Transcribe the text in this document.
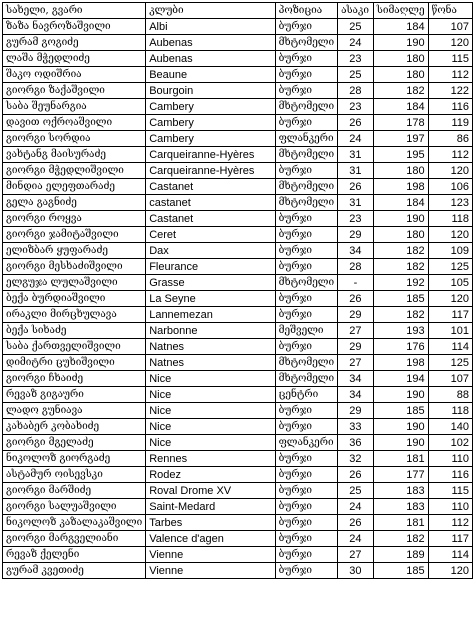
სახელი, გვარი	კლუბი	პოზიცია	ასაკი	სიმაღლე	წონა
ზაზა ნავროზაშვილი	Albi	ბურჯი	25	184	107
გურამ გოგიძე	Aubenas	მხტომელი	24	190	120
ლაშა მჭედლიძე	Aubenas	ბურჯი	23	180	115
შაკო ოდიშრია	Beaune	ბურჯი	25	180	112
გიორგი ზაქაშვილი	Bourgoin	ბურჯი	28	182	122
საბა შეუნარგია	Cambery	მხტომელი	23	184	116
დავით ოქროაშვილი	Cambery	ბურჯი	26	178	119
გიორგი სორდია	Cambery	ფლანკერი	24	197	86
ვახტანგ მაისურაძე	Carqueiranne-Hyères	მხტომელი	31	195	112
გიორგი მჭედლიშვილი	Carqueiranne-Hyères	ბურჯი	31	180	120
მინდია ელეფთარაძე	Castanet	მხტომელი	26	198	106
გელა გაგნიძე	castanet	მხტომელი	31	184	123
გიორგი როყვა	Castanet	ბურჯი	23	190	118
გიორგი ჯამიტაშვილი	Ceret	ბურჯი	29	180	120
ელიზბარ ყუფარაძე	Dax	ბურჯი	34	182	109
გიორგი მესხაძიშვილი	Fleurance	ბურჯი	28	182	125
ელგუჯა ლულაშვილი	Grasse	მხტომელი	-	192	105
ბექა ბურდიაშვილი	La Seyne	ბურჯი	26	185	120
ირაკლი მირცხულავა	Lannemezan	ბურჯი	29	182	117
ბექა სიხაძე	Narbonne	მეშველი	27	193	101
საბა ქართველიშვილი	Natnes	ბურჯი	29	176	114
დიმიტრი ცუხიშვილი	Natnes	მხტომელი	27	198	125
გიორგი ჩხაიძე	Nice	მხტომელი	34	194	107
რევაზ გიგაური	Nice	ცენტრი	34	190	88
ლადო გუნიავა	Nice	ბურჯი	29	185	118
კახაბერ კობახიძე	Nice	ბურჯი	33	190	140
გიორგი მგელაძე	Nice	ფლანკერი	36	190	102
ნიკოლოზ გიორგაძე	Rennes	ბურჯი	32	181	110
ასტამურ ოისევსკი	Rodez	ბურჯი	26	177	116
გიორგი მარშიძე	Roval Drome XV	ბურჯი	25	183	115
გიორგი სალუაშვილი	Saint-Medard	ბურჯი	24	183	110
ნიკოლოზ კაზალაკაშვილი	Tarbes	ბურჯი	26	181	112
გიორგი მარგველიანი	Valence d'agen	ბურჯი	24	182	117
რევაზ ქელენი	Vienne	ბურჯი	27	189	114
გურამ კვეთიძე	Vienne	ბურჯი	30	185	120
